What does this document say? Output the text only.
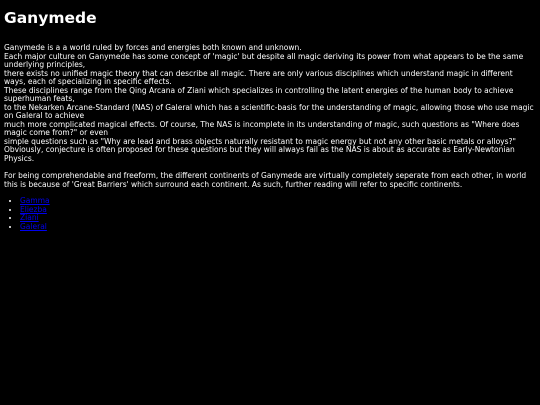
Ganymede
Ganymede is a a world ruled by forces and energies both known and unknown.
Each major culture on Ganymede has some concept of 'magic' but despite all magic deriving its power from what appears to be the same underlying principles,
there exists no unified magic theory that can describe all magic. There are only various disciplines which understand magic in different ways, each of specializing in specific effects.
These disciplines range from the Qing Arcana of Ziani which specializes in controlling the latent energies of the human body to achieve superhuman feats,
to the Nekarken Arcane-Standard (NAS) of Galeral which has a scientific-basis for the understanding of magic, allowing those who use magic on Galeral to achieve
much more complicated magical effects. Of course, The NAS is incomplete in its understanding of magic, such questions as "Where does magic come from?" or even
simple questions such as "Why are lead and brass objects naturally resistant to magic energy but not any other basic metals or alloys?"
Obviously, conjecture is often proposed for these questions but they will always fail as the NAS is about as accurate as Early-Newtonian Physics.
For being comprehendable and freeform, the different continents of Ganymede are virtually completely seperate from each other, in world this is because of 'Great Barriers' which surround each continent. As such, further reading will refer to specific continents.
• Gamma
• Eliezba
• Ziani
• Galeral
